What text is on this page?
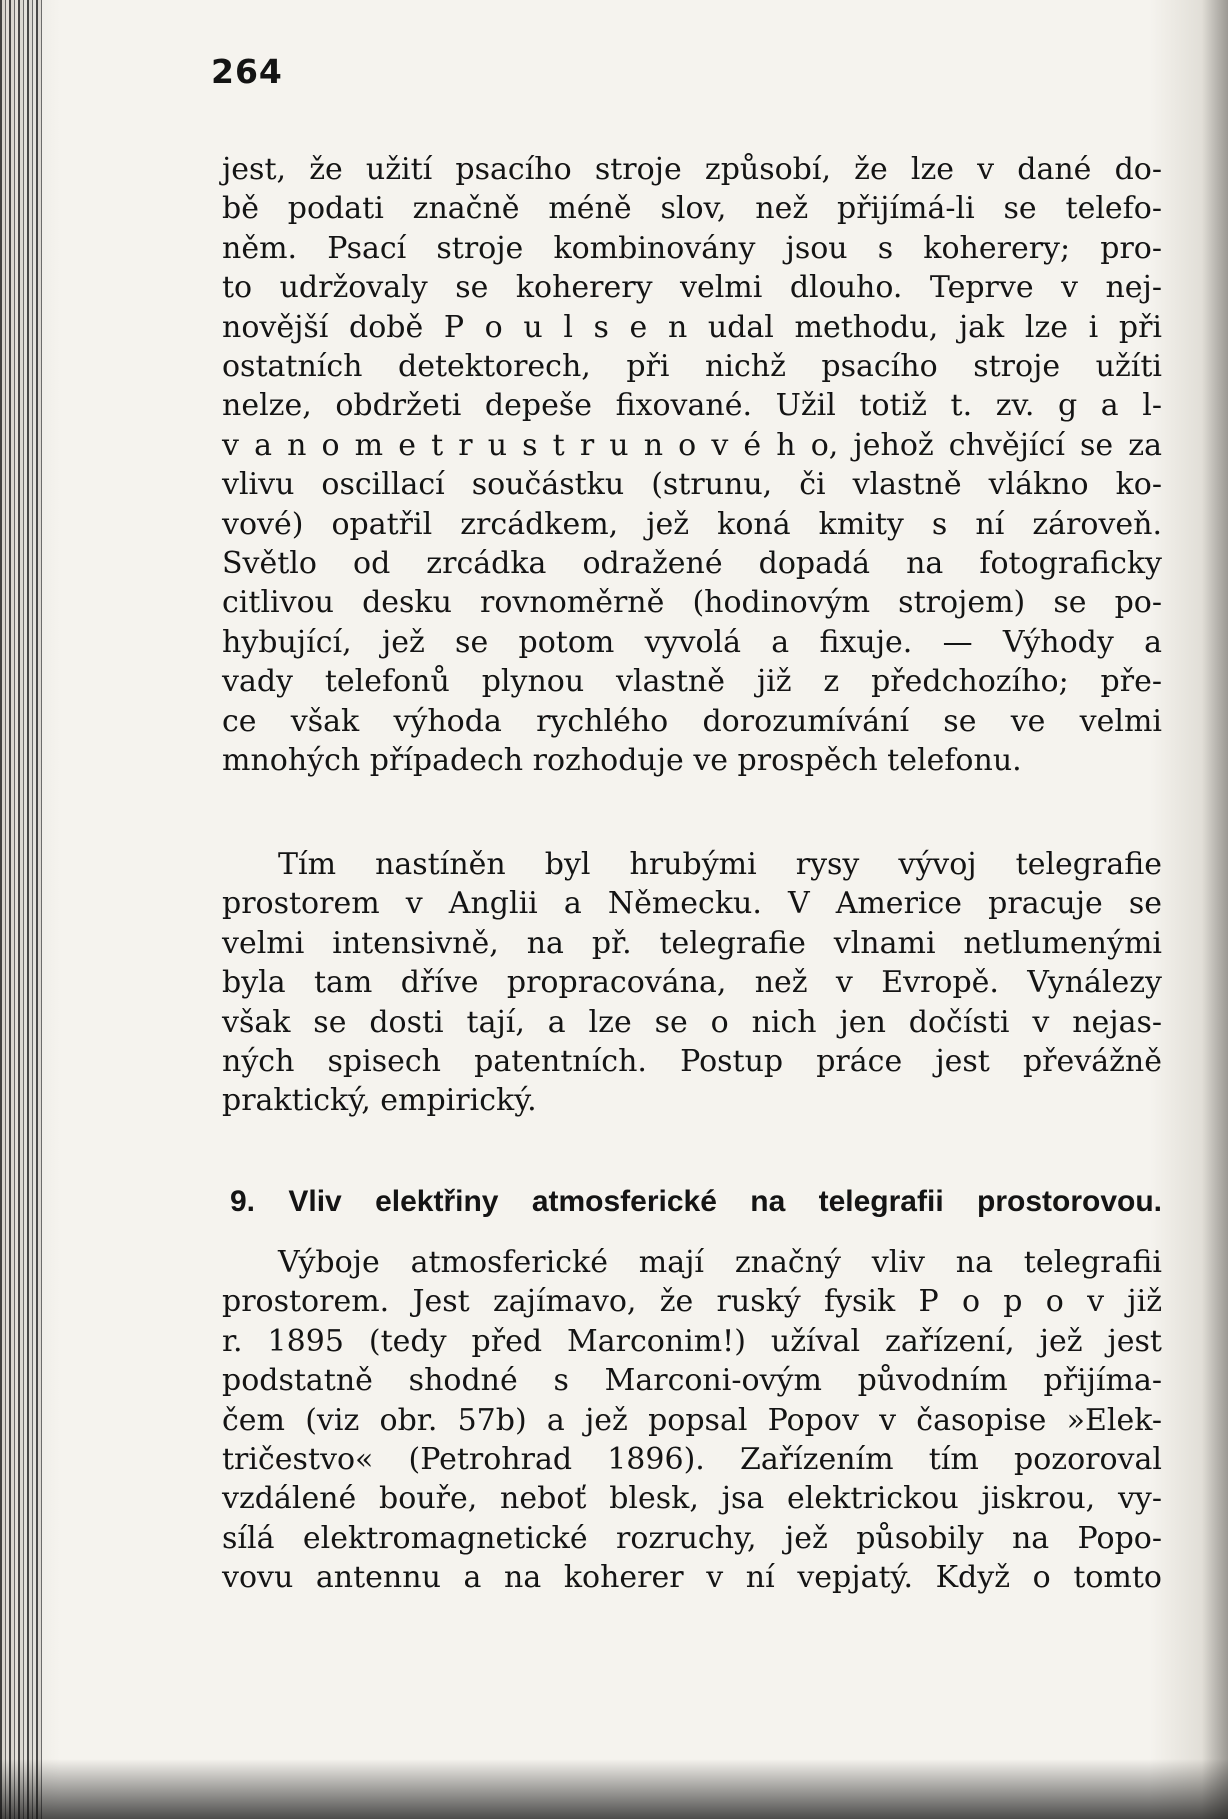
264

jest, že užití psacího stroje způsobí, že lze v dané do-
bě podati značně méně slov, než přijímá-li se telefo-
něm. Psací stroje kombinovány jsou s koherery; pro-
to udržovaly se koherery velmi dlouho. Teprve v nej-
novější době P o u l s e n udal methodu, jak lze i při
ostatních detektorech, při nichž psacího stroje užíti
nelze, obdržeti depeše fixované. Užil totiž t. zv. g a l-
v a n o m e t r u s t r u n o v é h o, jehož chvějící se za
vlivu oscillací součástku (strunu, či vlastně vlákno ko-
vové) opatřil zrcádkem, jež koná kmity s ní zároveň.
Světlo od zrcádka odražené dopadá na fotograficky
citlivou desku rovnoměrně (hodinovým strojem) se po-
hybující, jež se potom vyvolá a fixuje. — Výhody a
vady telefonů plynou vlastně již z předchozího; pře-
ce však výhoda rychlého dorozumívání se ve velmi
mnohých případech rozhoduje ve prospěch telefonu.
Tím nastíněn byl hrubými rysy vývoj telegrafie
prostorem v Anglii a Německu. V Americe pracuje se
velmi intensivně, na př. telegrafie vlnami netlumenými
byla tam dříve propracována, než v Evropě. Vynálezy
však se dosti tají, a lze se o nich jen dočísti v nejas-
ných spisech patentních. Postup práce jest převážně
praktický, empirický.
9. Vliv elektřiny atmosferické na telegrafii prostorovou.
Výboje atmosferické mají značný vliv na telegrafii
prostorem. Jest zajímavo, že ruský fysik P o p o v již
r. 1895 (tedy před Marconim!) užíval zařízení, jež jest
podstatně shodné s Marconi-ovým původním přijíma-
čem (viz obr. 57b) a jež popsal Popov v časopise »Elek-
tričestvo« (Petrohrad 1896). Zařízením tím pozoroval
vzdálené bouře, neboť blesk, jsa elektrickou jiskrou, vy-
sílá elektromagnetické rozruchy, jež působily na Popo-
vovu antennu a na koherer v ní vepjatý. Když o tomto
